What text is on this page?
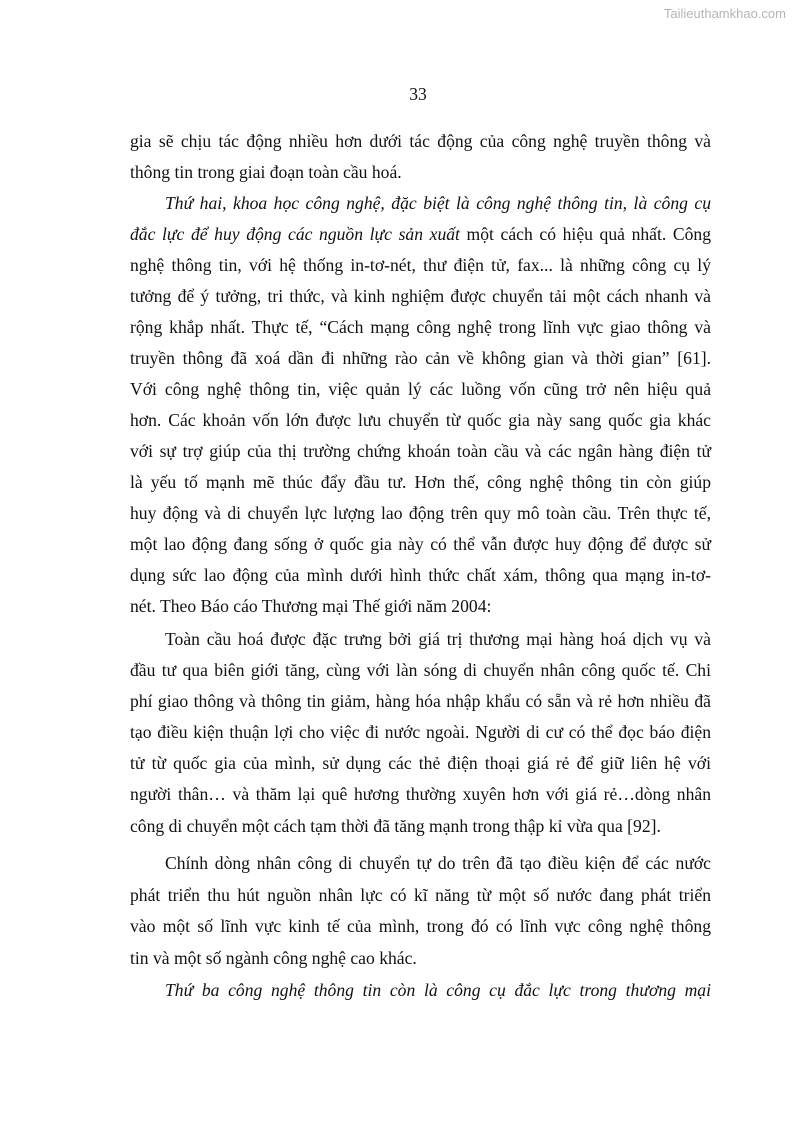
Tailieuthamkhao.com
33
gia sẽ chịu tác động nhiều hơn dưới tác động của công nghệ truyền thông và
thông tin trong giai đoạn toàn cầu hoá.
Thứ hai, khoa học công nghệ, đặc biệt là công nghệ thông tin, là công cụ
đắc lực để huy động các nguồn lực sản xuất một cách có hiệu quả nhất. Công
nghệ thông tin, với hệ thống in-tơ-nét, thư điện tử, fax... là những công cụ lý
tưởng để ý tưởng, tri thức, và kinh nghiệm được chuyển tải một cách nhanh và
rộng khắp nhất. Thực tế, “Cách mạng công nghệ trong lĩnh vực giao thông và
truyền thông đã xoá dần đi những rào cản về không gian và thời gian” [61].
Với công nghệ thông tin, việc quản lý các luồng vốn cũng trở nên hiệu quả
hơn. Các khoản vốn lớn được lưu chuyển từ quốc gia này sang quốc gia khác
với sự trợ giúp của thị trường chứng khoán toàn cầu và các ngân hàng điện tử
là yếu tố mạnh mẽ thúc đẩy đầu tư. Hơn thế, công nghệ thông tin còn giúp
huy động và di chuyển lực lượng lao động trên quy mô toàn cầu. Trên thực tế,
một lao động đang sống ở quốc gia này có thể vẫn được huy động để được sử
dụng sức lao động của mình dưới hình thức chất xám, thông qua mạng in-tơ-
nét. Theo Báo cáo Thương mại Thế giới năm 2004:
Toàn cầu hoá được đặc trưng bởi giá trị thương mại hàng hoá dịch vụ và
đầu tư qua biên giới tăng, cùng với làn sóng di chuyển nhân công quốc tế. Chi
phí giao thông và thông tin giảm, hàng hóa nhập khẩu có sẵn và rẻ hơn nhiều đã
tạo điều kiện thuận lợi cho việc đi nước ngoài. Người di cư có thể đọc báo điện
tử từ quốc gia của mình, sử dụng các thẻ điện thoại giá rẻ để giữ liên hệ với
người thân… và thăm lại quê hương thường xuyên hơn với giá rẻ…dòng nhân
công di chuyển một cách tạm thời đã tăng mạnh trong thập kỉ vừa qua [92].
Chính dòng nhân công di chuyển tự do trên đã tạo điều kiện để các nước
phát triển thu hút nguồn nhân lực có kĩ năng từ một số nước đang phát triển
vào một số lĩnh vực kinh tế của mình, trong đó có lĩnh vực công nghệ thông
tin và một số ngành công nghệ cao khác.
Thứ ba công nghệ thông tin còn là công cụ đắc lực trong thương mại
